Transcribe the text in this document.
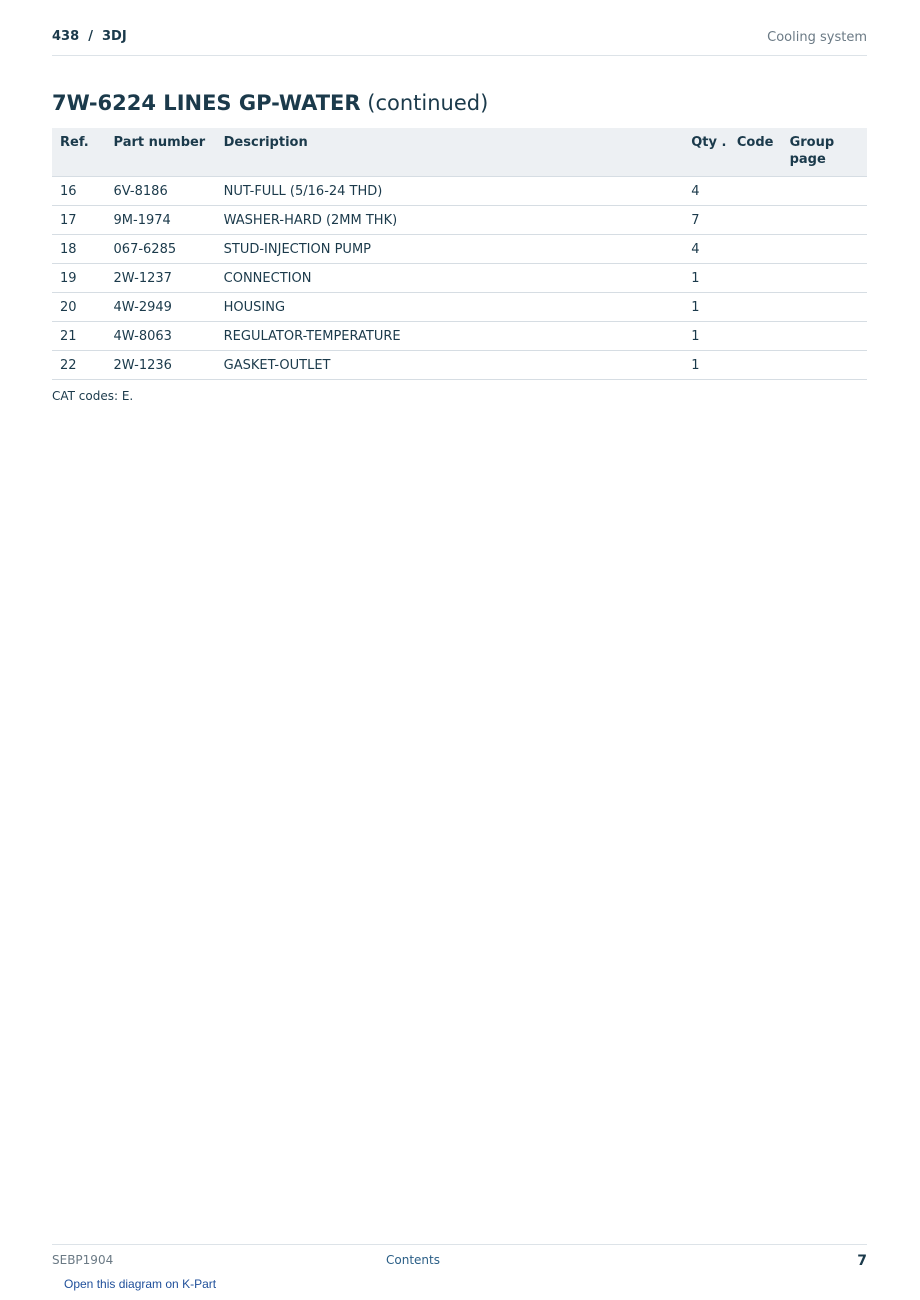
438  /  3DJ	Cooling system
7W-6224 LINES GP-WATER (continued)
Ref.	Part number	Description	Qty .	Code	Group page
16	6V-8186	NUT-FULL (5/16-24 THD)	4		
17	9M-1974	WASHER-HARD (2MM THK)	7		
18	067-6285	STUD-INJECTION PUMP	4		
19	2W-1237	CONNECTION	1		
20	4W-2949	HOUSING	1		
21	4W-8063	REGULATOR-TEMPERATURE	1		
22	2W-1236	GASKET-OUTLET	1		
CAT codes: E.
SEBP1904	Contents	7
Open this diagram on K-Part
